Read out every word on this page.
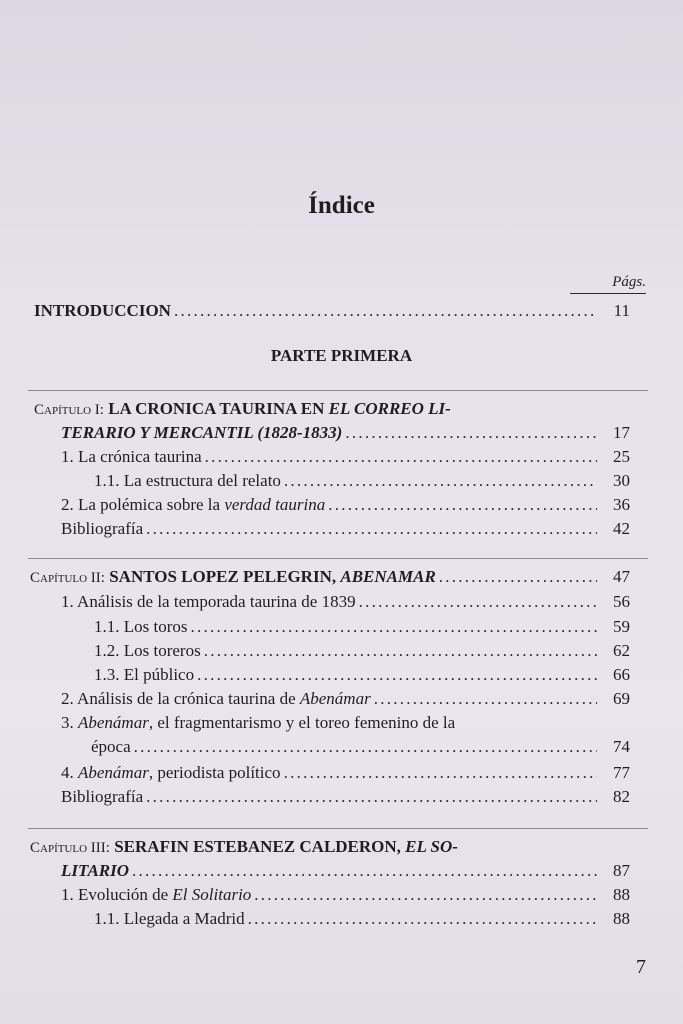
Índice
Págs.
INTRODUCCION . . .	11
PARTE PRIMERA
Capítulo I: LA CRONICA TAURINA EN EL CORREO LI-
TERARIO Y MERCANTIL (1828-1833) . . .	17
1. La crónica taurina . . .	25
1.1. La estructura del relato . . .	30
2. La polémica sobre la verdad taurina . . .	36
Bibliografía . . .	42
Capítulo II: SANTOS LOPEZ PELEGRIN, ABENAMAR . . .	47
1. Análisis de la temporada taurina de 1839 . . .	56
1.1. Los toros . . .	59
1.2. Los toreros . . .	62
1.3. El público . . .	66
2. Análisis de la crónica taurina de Abenámar . . .	69
3. Abenámar, el fragmentarismo y el toreo femenino de la
época . . .	74
4. Abenámar, periodista político . . .	77
Bibliografía . . .	82
Capítulo III: SERAFIN ESTEBANEZ CALDERON, EL SO-
LITARIO . . .	87
1. Evolución de El Solitario . . .	88
1.1. Llegada a Madrid . . .	88
7
